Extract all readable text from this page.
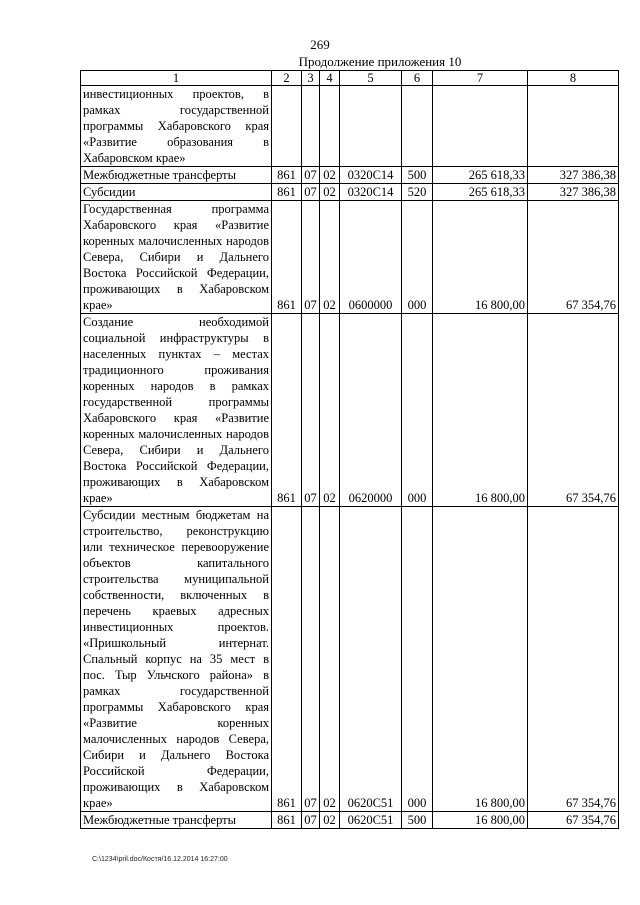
269
Продолжение приложения 10
1	2	3	4	5	6	7	8
инвестиционных проектов, в рамках государственной программы Хабаровского края «Развитие образования в Хабаровском крае»							
Межбюджетные трансферты	861	07	02	0320С14	500	265 618,33	327 386,38
Субсидии	861	07	02	0320С14	520	265 618,33	327 386,38
Государственная программа Хабаровского края «Развитие коренных малочисленных народов Севера, Сибири и Дальнего Востока Российской Федерации, проживающих в Хабаровском крае»	861	07	02	0600000	000	16 800,00	67 354,76
Создание необходимой социальной инфраструктуры в населенных пунктах – местах традиционного проживания коренных народов в рамках государственной программы Хабаровского края «Развитие коренных малочисленных народов Севера, Сибири и Дальнего Востока Российской Федерации, проживающих в Хабаровском крае»	861	07	02	0620000	000	16 800,00	67 354,76
Субсидии местным бюджетам на строительство, реконструкцию или техническое перевооружение объектов капитального строительства муниципальной собственности, включенных в перечень краевых адресных инвестиционных проектов. «Пришкольный интернат. Спальный корпус на 35 мест в пос. Тыр Ульчского района» в рамках государственной программы Хабаровского края «Развитие коренных малочисленных народов Севера, Сибири и Дальнего Востока Российской Федерации, проживающих в Хабаровском крае»	861	07	02	0620С51	000	16 800,00	67 354,76
Межбюджетные трансферты	861	07	02	0620С51	500	16 800,00	67 354,76
C:\1234\pril.doc/Костя/16.12.2014 16:27:00
